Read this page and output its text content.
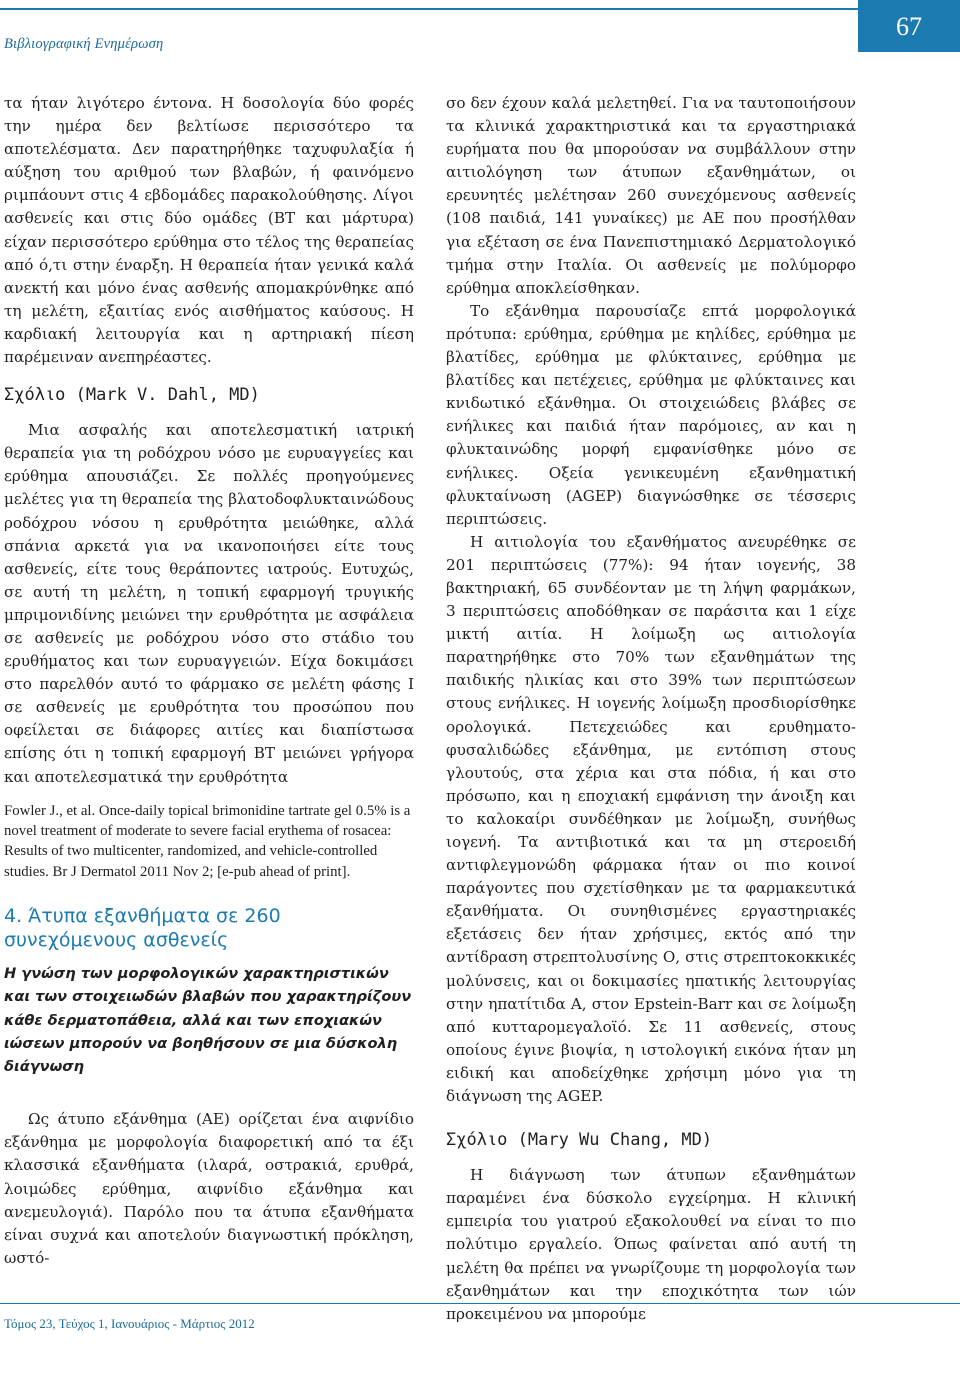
Βιβλιογραφική Ενημέρωση
67

τα ήταν λιγότερο έντονα. Η δοσολογία δύο φορές την ημέρα δεν βελτίωσε περισσότερο τα αποτελέσματα. Δεν παρατηρήθηκε ταχυφυλαξία ή αύξηση του αριθμού των βλαβών, ή φαινόμενο ριμπάουντ στις 4 εβδομάδες παρακολούθησης. Λίγοι ασθενείς και στις δύο ομάδες (BT και μάρτυρα) είχαν περισσότερο ερύθημα στο τέλος της θεραπείας από ό,τι στην έναρξη. Η θεραπεία ήταν γενικά καλά ανεκτή και μόνο ένας ασθενής απομακρύνθηκε από τη μελέτη, εξαιτίας ενός αισθήματος καύσους. Η καρδιακή λειτουργία και η αρτηριακή πίεση παρέμειναν ανεπηρέαστες.

Σχόλιο (Mark V. Dahl, MD)

Μια ασφαλής και αποτελεσματική ιατρική θεραπεία για τη ροδόχρου νόσο με ευρυαγγείες και ερύθημα απουσιάζει. Σε πολλές προηγούμενες μελέτες για τη θεραπεία της βλατοδοφλυκταινώδους ροδόχρου νόσου η ερυθρότητα μειώθηκε, αλλά σπάνια αρκετά για να ικανοποιήσει είτε τους ασθενείς, είτε τους θεράποντες ιατρούς. Ευτυχώς, σε αυτή τη μελέτη, η τοπική εφαρμογή τρυγικής μπριμονιδίνης μειώνει την ερυθρότητα με ασφάλεια σε ασθενείς με ροδόχρου νόσο στο στάδιο του ερυθήματος και των ευρυαγγειών. Είχα δοκιμάσει στο παρελθόν αυτό το φάρμακο σε μελέτη φάσης I σε ασθενείς με ερυθρότητα του προσώπου που οφείλεται σε διάφορες αιτίες και διαπίστωσα επίσης ότι η τοπική εφαρμογή BT μειώνει γρήγορα και αποτελεσματικά την ερυθρότητα

Fowler J., et al. Once-daily topical brimonidine tartrate gel 0.5% is a novel treatment of moderate to severe facial erythema of rosacea: Results of two multicenter, randomized, and vehicle-controlled studies. Br J Dermatol 2011 Nov 2; [e-pub ahead of print].

4. Άτυπα εξανθήματα σε 260 συνεχόμενους ασθενείς

Η γνώση των μορφολογικών χαρακτηριστικών και των στοιχειωδών βλαβών που χαρακτηρίζουν κάθε δερματοπάθεια, αλλά και των εποχιακών ιώσεων μπορούν να βοηθήσουν σε μια δύσκολη διάγνωση

Ως άτυπο εξάνθημα (ΑΕ) ορίζεται ένα αιφνίδιο εξάνθημα με μορφολογία διαφορετική από τα έξι κλασσικά εξανθήματα (ιλαρά, οστρακιά, ερυθρά, λοιμώδες ερύθημα, αιφνίδιο εξάνθημα και ανεμευλογιά). Παρόλο που τα άτυπα εξανθήματα είναι συχνά και αποτελούν διαγνωστική πρόκληση, ωστό-

σο δεν έχουν καλά μελετηθεί. Για να ταυτοποιήσουν τα κλινικά χαρακτηριστικά και τα εργαστηριακά ευρήματα που θα μπορούσαν να συμβάλλουν στην αιτιολόγηση των άτυπων εξανθημάτων, οι ερευνητές μελέτησαν 260 συνεχόμενους ασθενείς (108 παιδιά, 141 γυναίκες) με ΑΕ που προσήλθαν για εξέταση σε ένα Πανεπιστημιακό Δερματολογικό τμήμα στην Ιταλία. Οι ασθενείς με πολύμορφο ερύθημα αποκλείσθηκαν.

Το εξάνθημα παρουσίαζε επτά μορφολογικά πρότυπα: ερύθημα, ερύθημα με κηλίδες, ερύθημα με βλατίδες, ερύθημα με φλύκταινες, ερύθημα με βλατίδες και πετέχειες, ερύθημα με φλύκταινες και κνιδωτικό εξάνθημα. Οι στοιχειώδεις βλάβες σε ενήλικες και παιδιά ήταν παρόμοιες, αν και η φλυκταινώδης μορφή εμφανίσθηκε μόνο σε ενήλικες. Οξεία γενικευμένη εξανθηματική φλυκταίνωση (AGEP) διαγνώσθηκε σε τέσσερις περιπτώσεις.

Η αιτιολογία του εξανθήματος ανευρέθηκε σε 201 περιπτώσεις (77%): 94 ήταν ιογενής, 38 βακτηριακή, 65 συνδέονταν με τη λήψη φαρμάκων, 3 περιπτώσεις αποδόθηκαν σε παράσιτα και 1 είχε μικτή αιτία. Η λοίμωξη ως αιτιολογία παρατηρήθηκε στο 70% των εξανθημάτων της παιδικής ηλικίας και στο 39% των περιπτώσεων στους ενήλικες. Η ιογενής λοίμωξη προσδιορίσθηκε ορολογικά. Πετεχειώδες και ερυθηματο-φυσαλιδώδες εξάνθημα, με εντόπιση στους γλουτούς, στα χέρια και στα πόδια, ή και στο πρόσωπο, και η εποχιακή εμφάνιση την άνοιξη και το καλοκαίρι συνδέθηκαν με λοίμωξη, συνήθως ιογενή. Τα αντιβιοτικά και τα μη στεροειδή αντιφλεγμονώδη φάρμακα ήταν οι πιο κοινοί παράγοντες που σχετίσθηκαν με τα φαρμακευτικά εξανθήματα. Οι συνηθισμένες εργαστηριακές εξετάσεις δεν ήταν χρήσιμες, εκτός από την αντίδραση στρεπτολυσίνης Ο, στις στρεπτοκοκκικές μολύνσεις, και οι δοκιμασίες ηπατικής λειτουργίας στην ηπατίτιδα Α, στον Epstein-Barr και σε λοίμωξη από κυτταρομεγαλοϊό. Σε 11 ασθενείς, στους οποίους έγινε βιοψία, η ιστολογική εικόνα ήταν μη ειδική και αποδείχθηκε χρήσιμη μόνο για τη διάγνωση της AGEP.

Σχόλιο (Mary Wu Chang, MD)

Η διάγνωση των άτυπων εξανθημάτων παραμένει ένα δύσκολο εγχείρημα. Η κλινική εμπειρία του γιατρού εξακολουθεί να είναι το πιο πολύτιμο εργαλείο. Όπως φαίνεται από αυτή τη μελέτη θα πρέπει να γνωρίζουμε τη μορφολογία των εξανθημάτων και την εποχικότητα των ιών προκειμένου να μπορούμε

Τόμος 23, Τεύχος 1, Ιανουάριος - Μάρτιος 2012
